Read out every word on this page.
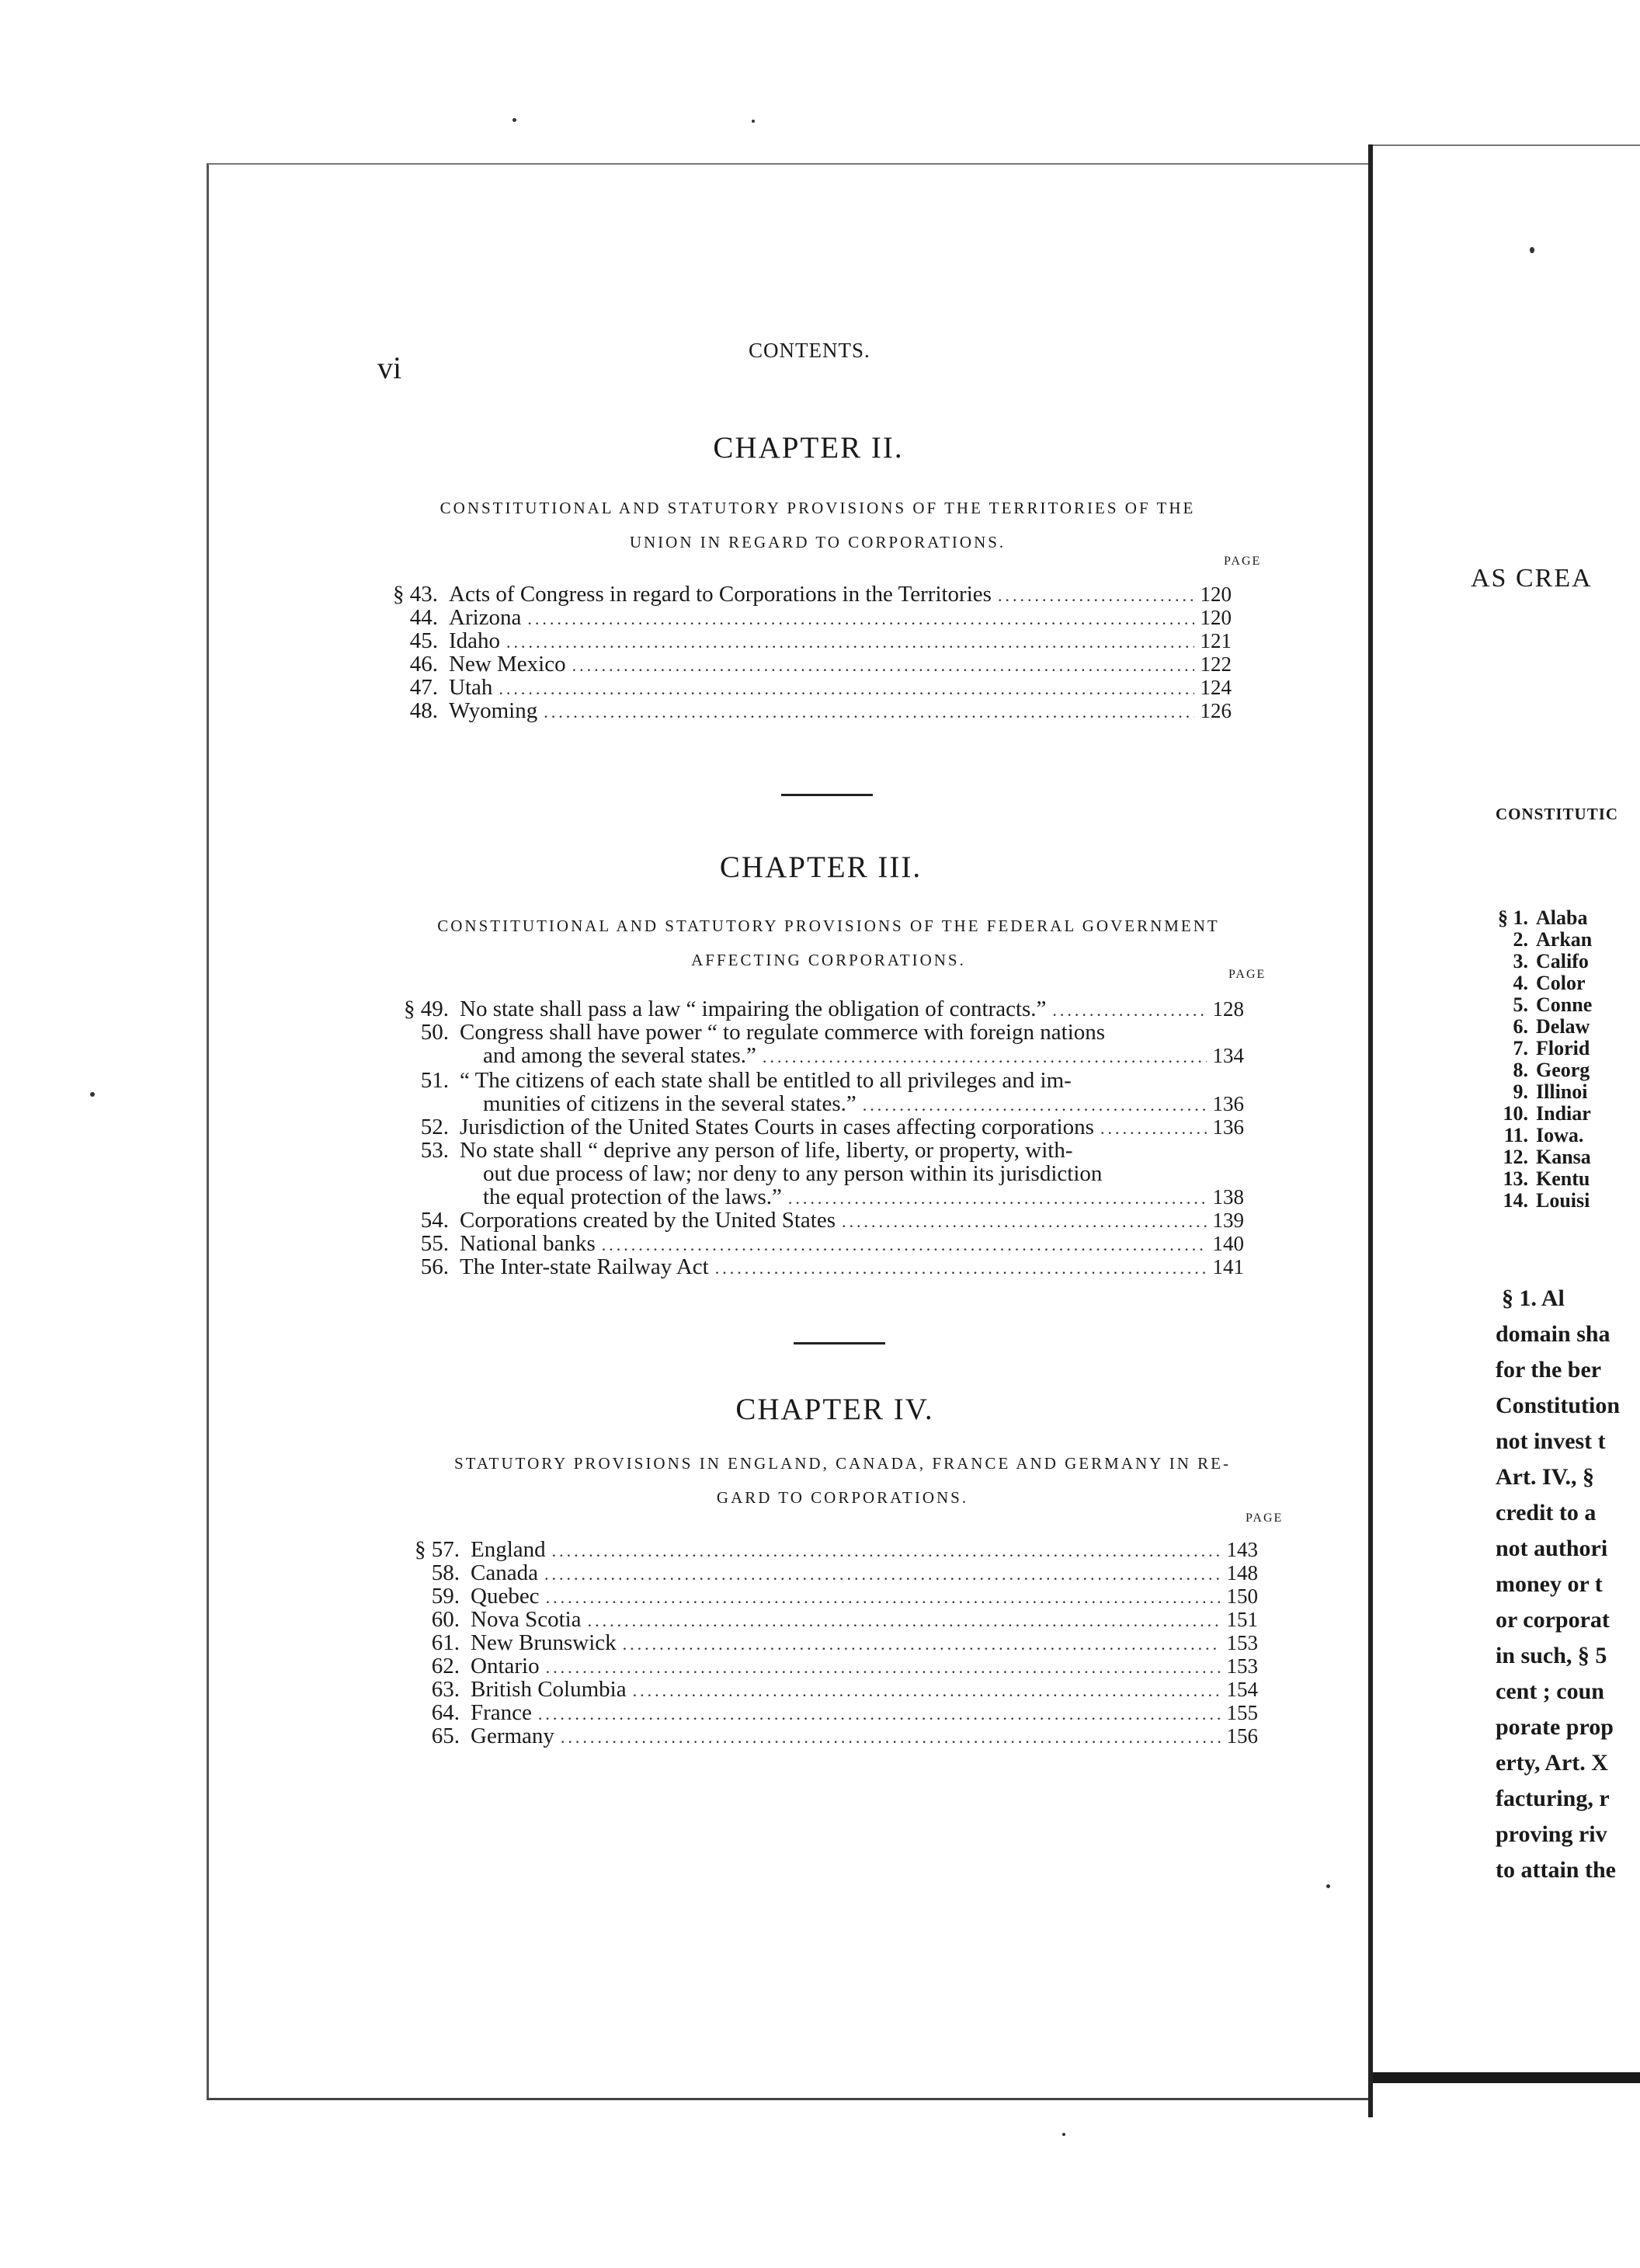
vi	CONTENTS.
CHAPTER II.
CONSTITUTIONAL AND STATUTORY PROVISIONS OF THE TERRITORIES OF THE
UNION IN REGARD TO CORPORATIONS.
PAGE
§ 43. Acts of Congress in regard to Corporations in the Territories .....	120
44. Arizona .....	120
45. Idaho .....	121
46. New Mexico .....	122
47. Utah .....	124
48. Wyoming .....	126
CHAPTER III.
CONSTITUTIONAL AND STATUTORY PROVISIONS OF THE FEDERAL GOVERNMENT
AFFECTING CORPORATIONS.
PAGE
§ 49. No state shall pass a law “ impairing the obligation of contracts.” .....	128
50. Congress shall have power “ to regulate commerce with foreign nations
and among the several states.” .....	134
51. “ The citizens of each state shall be entitled to all privileges and im-
munities of citizens in the several states.” .....	136
52. Jurisdiction of the United States Courts in cases affecting corporations .....	136
53. No state shall “ deprive any person of life, liberty, or property, with-
out due process of law; nor deny to any person within its jurisdiction
the equal protection of the laws.” .....	138
54. Corporations created by the United States .....	139
55. National banks .....	140
56. The Inter-state Railway Act .....	141
CHAPTER IV.
STATUTORY PROVISIONS IN ENGLAND, CANADA, FRANCE AND GERMANY IN RE-
GARD TO CORPORATIONS.
PAGE
§ 57. England .....	143
58. Canada .....	148
59. Quebec .....	150
60. Nova Scotia .....	151
61. New Brunswick .....	153
62. Ontario .....	153
63. British Columbia .....	154
64. France .....	155
65. Germany .....	156
AS CREA
CONSTITUTIC
§ 1. Alaba
2. Arkan
3. Califo
4. Color
5. Conne
6. Delaw
7. Florid
8. Georg
9. Illinoi
10. Indiar
11. Iowa.
12. Kansa
13. Kentu
14. Louisi
§ 1. Al
domain sha
for the ber
Constitution
not invest t
Art. IV., §
credit to a
not authori
money or t
or corporat
in such, § 5
cent ; coun
porate prop
erty, Art. X
facturing, r
proving riv
to attain the
